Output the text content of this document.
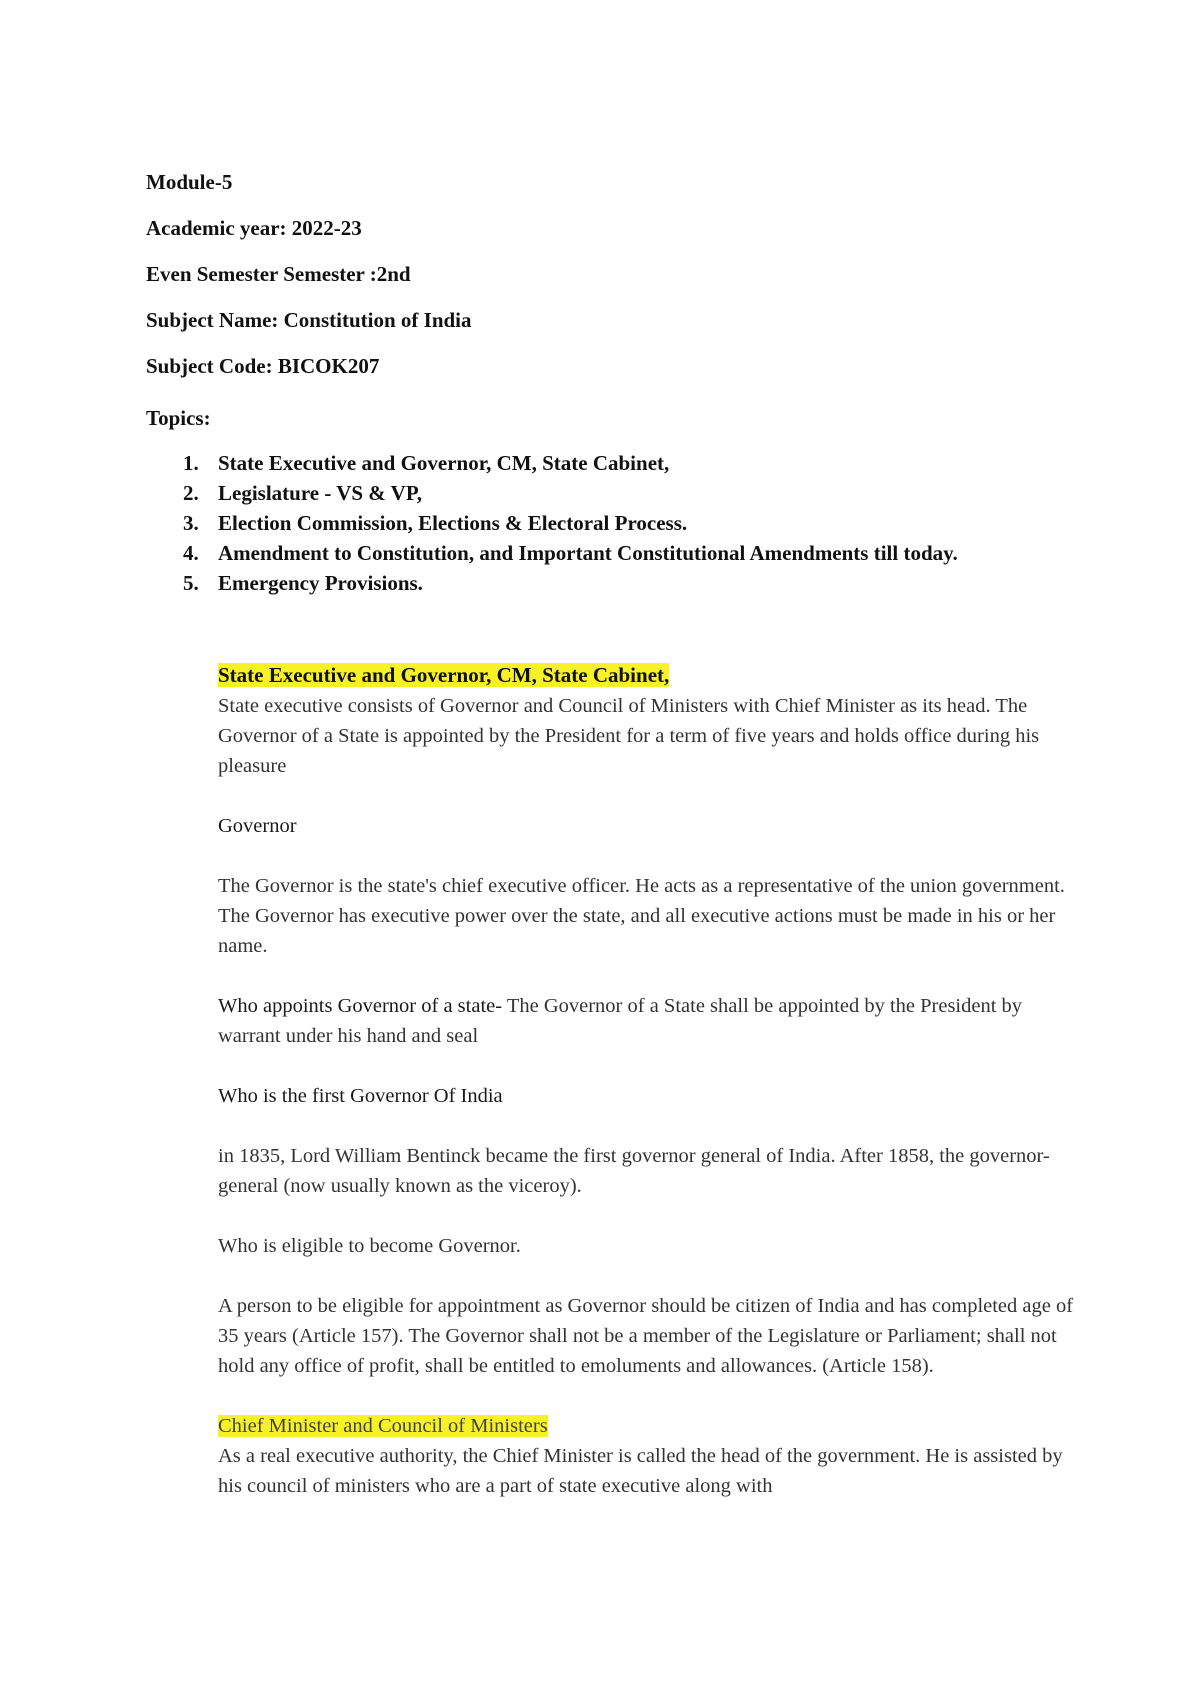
Module-5
Academic year: 2022-23
Even Semester Semester :2nd
Subject Name: Constitution of India
Subject Code: BICOK207
Topics:
1. State Executive and Governor, CM, State Cabinet,
2. Legislature - VS & VP,
3. Election Commission, Elections & Electoral Process.
4. Amendment to Constitution, and Important Constitutional Amendments till today.
5. Emergency Provisions.
State Executive and Governor, CM, State Cabinet,

State executive consists of Governor and Council of Ministers with Chief Minister as its head. The Governor of a State is appointed by the President for a term of five years and holds office during his pleasure

Governor

The Governor is the state's chief executive officer. He acts as a representative of the union government. The Governor has executive power over the state, and all executive actions must be made in his or her name.

Who appoints Governor of a state- The Governor of a State shall be appointed by the President by warrant under his hand and seal

Who is the first Governor Of India

in 1835, Lord William Bentinck became the first governor general of India. After 1858, the governor-general (now usually known as the viceroy).

Who is eligible to become Governor.

A person to be eligible for appointment as Governor should be citizen of India and has completed age of 35 years (Article 157). The Governor shall not be a member of the Legislature or Parliament; shall not hold any office of profit, shall be entitled to emoluments and allowances. (Article 158).

Chief Minister and Council of Ministers

As a real executive authority, the Chief Minister is called the head of the government. He is assisted by his council of ministers who are a part of state executive along with
